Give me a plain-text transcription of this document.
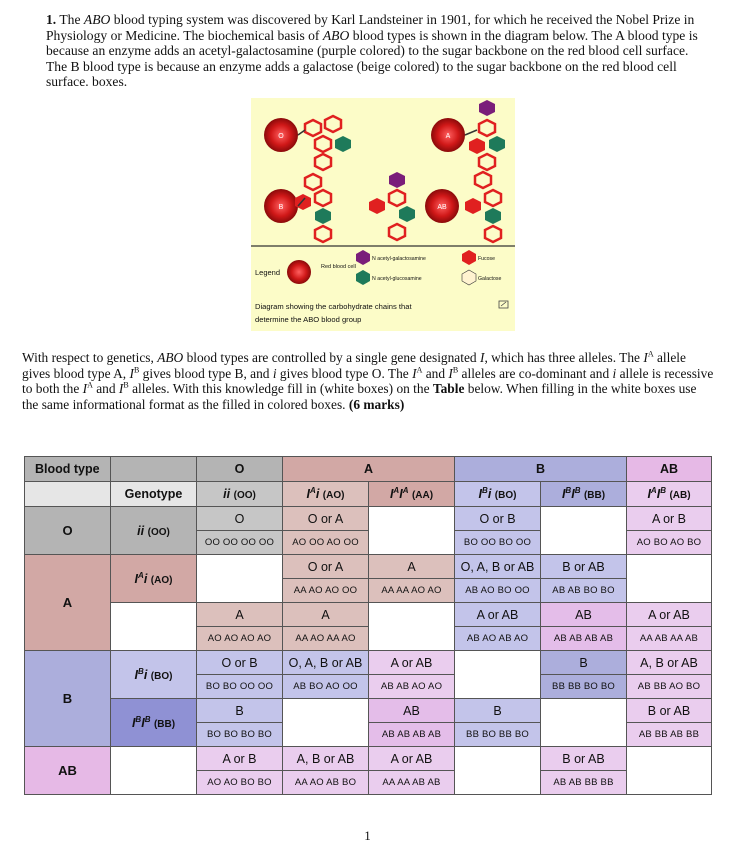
1. The ABO blood typing system was discovered by Karl Landsteiner in 1901, for which he received the Nobel Prize in Physiology or Medicine. The biochemical basis of ABO blood types is shown in the diagram below. The A blood type is because an enzyme adds an acetyl-galactosamine (purple colored) to the sugar backbone on the red blood cell surface. The B blood type is because an enzyme adds a galactose (beige colored) to the sugar backbone on the red blood cell surface. boxes.
O	A
B	AB
Legend
Red blood cell
N acetyl-galactosamine	Fucose
N acetyl-glucosamine	Galactose
Diagram showing the carbohydrate chains that
determine the ABO blood group
With respect to genetics, ABO blood types are controlled by a single gene designated I, which has three alleles. The $I^A$ allele gives blood type A, $I^B$ gives blood type B, and i gives blood type O. The $I^A$ and $I^B$ alleles are co-dominant and i allele is recessive to both the $I^A$ and $I^B$ alleles. With this knowledge fill in (white boxes) on the Table below. When filling in the white boxes use the same informational format as the filled in colored boxes. (6 marks)
Blood type		O	A		B		AB
	Genotype	ii (OO)	$I^Ai$ (AO)	$I^AI^A$ (AA)	$I^Bi$ (BO)	$I^BI^B$ (BB)	$I^AI^B$ (AB)
O	ii (OO)	O	O or A		O or B		A or B
		OO OO OO OO	AO OO AO OO		BO OO BO OO		AO BO AO BO
A	$I^Ai$ (AO)		O or A	A	O, A, B or AB	B or AB	
			AA AO AO OO	AA AA AO AO	AB AO BO OO	AB AB BO BO	
		A	A		A or AB	AB	A or AB
		AO AO AO AO	AA AO AA AO		AB AO AB AO	AB AB AB AB	AA AB AA AB
B	$I^Bi$ (BO)	O or B	O, A, B or AB	A or AB		B	A, B or AB
		BO BO OO OO	AB BO AO OO	AB AB AO AO		BB BB BO BO	AB BB AO BO
	$I^BI^B$ (BB)	B		AB	B		B or AB
		BO BO BO BO		AB AB AB AB	BB BO BB BO		AB BB AB BB
AB		A or B	A, B or AB	A or AB		B or AB	
		AO AO BO BO	AA AO AB BO	AA AA AB AB		AB AB BB BB	
1
